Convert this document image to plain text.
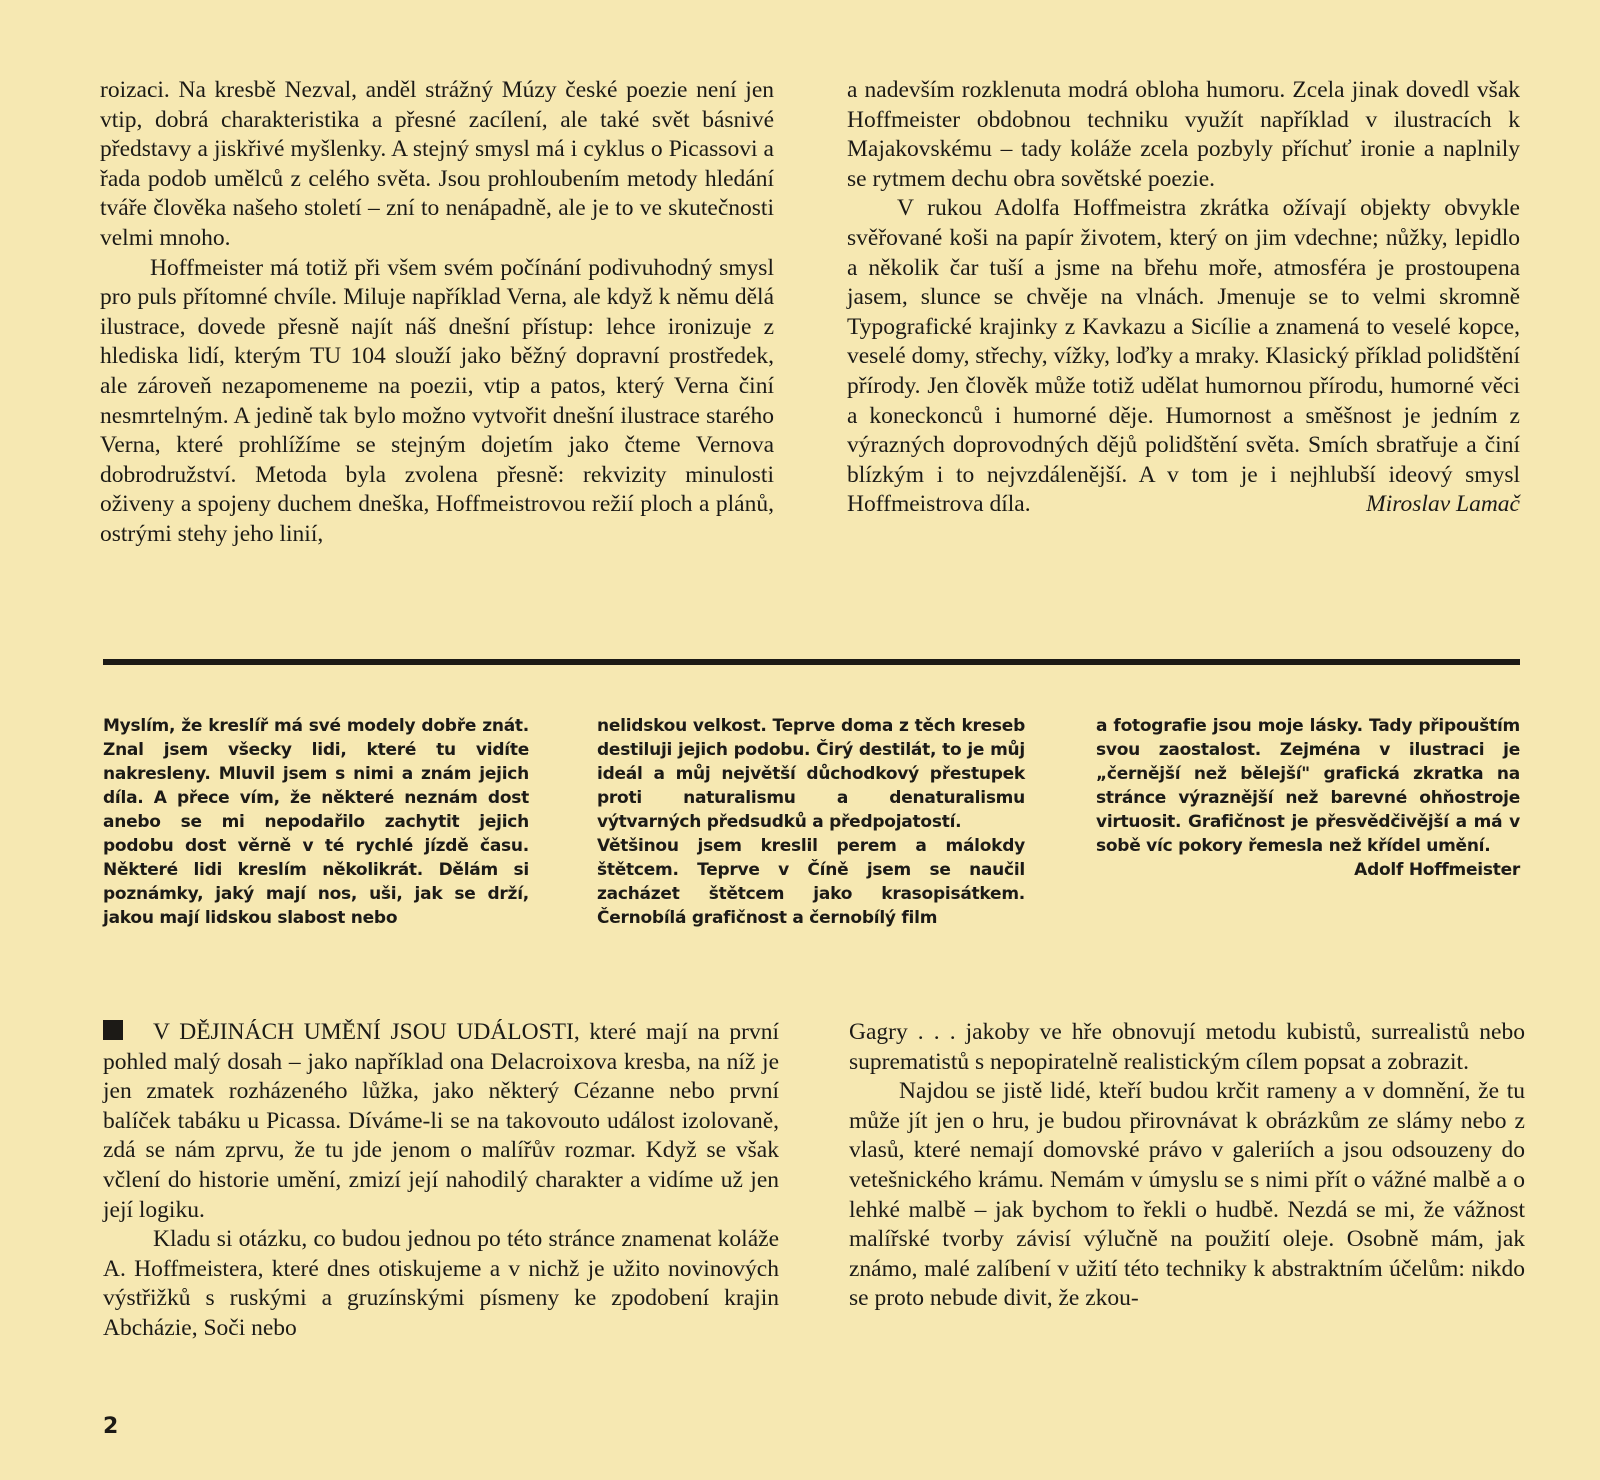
roizaci. Na kresbě Nezval, anděl strážný Múzy české poezie není jen vtip, dobrá charakteristika a přesné zacílení, ale také svět básnivé představy a jiskřivé myšlenky. A stejný smysl má i cyklus o Picassovi a řada podob umělců z celého světa. Jsou prohloubením metody hledání tváře člověka našeho století – zní to nenápadně, ale je to ve skutečnosti velmi mnoho.

Hoffmeister má totiž při všem svém počínání podivuhodný smysl pro puls přítomné chvíle. Miluje například Verna, ale když k němu dělá ilustrace, dovede přesně najít náš dnešní přístup: lehce ironizuje z hlediska lidí, kterým TU 104 slouží jako běžný dopravní prostředek, ale zároveň nezapomeneme na poezii, vtip a patos, který Verna činí nesmrtelným. A jedině tak bylo možno vytvořit dnešní ilustrace starého Verna, které prohlížíme se stejným dojetím jako čteme Vernova dobrodružství. Metoda byla zvolena přesně: rekvizity minulosti oživeny a spojeny duchem dneška, Hoffmeistrovou režií ploch a plánů, ostrými stehy jeho linií,

a nadevším rozklenuta modrá obloha humoru. Zcela jinak dovedl však Hoffmeister obdobnou techniku využít například v ilustracích k Majakovskému – tady koláže zcela pozbyly příchuť ironie a naplnily se rytmem dechu obra sovětské poezie.

V rukou Adolfa Hoffmeistra zkrátka ožívají objekty obvykle svěřované koši na papír životem, který on jim vdechne; nůžky, lepidlo a několik čar tuší a jsme na břehu moře, atmosféra je prostoupena jasem, slunce se chvěje na vlnách. Jmenuje se to velmi skromně Typografické krajinky z Kavkazu a Sicílie a znamená to veselé kopce, veselé domy, střechy, vížky, loďky a mraky. Klasický příklad polidštění přírody. Jen člověk může totiž udělat humornou přírodu, humorné věci a koneckonců i humorné děje. Humornost a směšnost je jedním z výrazných doprovodných dějů polidštění světa. Smích sbratřuje a činí blízkým i to nejvzdálenější. A v tom je i nejhlubší ideový smysl Hoffmeistrova díla.	Miroslav Lamač

Myslím, že kreslíř má své modely dobře znát. Znal jsem všecky lidi, které tu vidíte nakresleny. Mluvil jsem s nimi a znám jejich díla. A přece vím, že některé neznám dost anebo se mi nepodařilo zachytit jejich podobu dost věrně v té rychlé jízdě času. Některé lidi kreslím několikrát. Dělám si poznámky, jaký mají nos, uši, jak se drží, jakou mají lidskou slabost nebo

nelidskou velkost. Teprve doma z těch kreseb destiluji jejich podobu. Čirý destilát, to je můj ideál a můj největší důchodkový přestupek proti naturalismu a denaturalismu výtvarných předsudků a předpojatostí.

Většinou jsem kreslil perem a málokdy štětcem. Teprve v Číně jsem se naučil zacházet štětcem jako krasopisátkem. Černobílá grafičnost a černobílý film

a fotografie jsou moje lásky. Tady připouštím svou zaostalost. Zejména v ilustraci je „černější než bělejší" grafická zkratka na stránce výraznější než barevné ohňostroje virtuosit. Grafičnost je přesvědčivější a má v sobě víc pokory řemesla než křídel umění.

Adolf Hoffmeister

V DĚJINÁCH UMĚNÍ JSOU UDÁLOSTI, které mají na první pohled malý dosah – jako například ona Delacroixova kresba, na níž je jen zmatek rozházeného lůžka, jako některý Cézanne nebo první balíček tabáku u Picassa. Díváme-li se na takovouto událost izolovaně, zdá se nám zprvu, že tu jde jenom o malířův rozmar. Když se však včlení do historie umění, zmizí její nahodilý charakter a vidíme už jen její logiku.

Kladu si otázku, co budou jednou po této stránce znamenat koláže A. Hoffmeistera, které dnes otiskujeme a v nichž je užito novinových výstřižků s ruskými a gruzínskými písmeny ke zpodobení krajin Abcházie, Soči nebo

Gagry . . . jakoby ve hře obnovují metodu kubistů, surrealistů nebo suprematistů s nepopiratelně realistickým cílem popsat a zobrazit.

Najdou se jistě lidé, kteří budou krčit rameny a v domnění, že tu může jít jen o hru, je budou přirovnávat k obrázkům ze slámy nebo z vlasů, které nemají domovské právo v galeriích a jsou odsouzeny do vetešnického krámu. Nemám v úmyslu se s nimi přít o vážné malbě a o lehké malbě – jak bychom to řekli o hudbě. Nezdá se mi, že vážnost malířské tvorby závisí výlučně na použití oleje. Osobně mám, jak známo, malé zalíbení v užití této techniky k abstraktním účelům: nikdo se proto nebude divit, že zkou-

2
